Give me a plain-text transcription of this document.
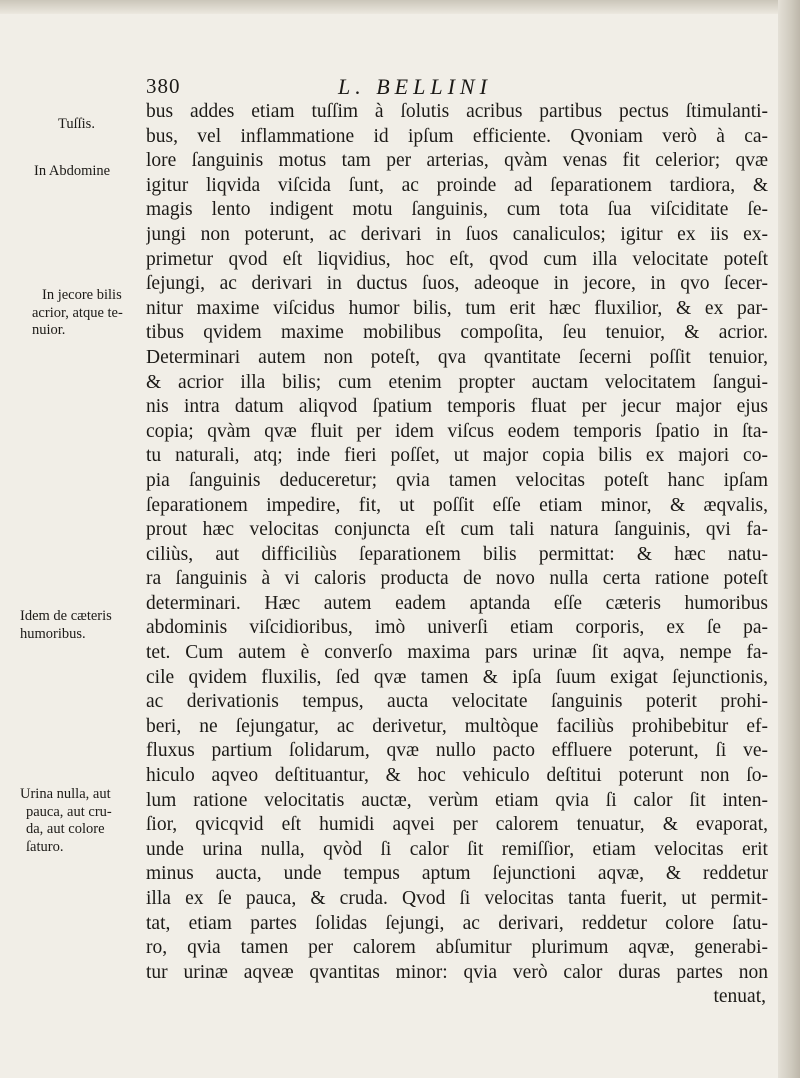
380	L. BELLINI
Tuſſis.
In Abdomine
In jecore bilis
acrior, atque te-
nuior.
Idem de cæteris
humoribus.
Urina nulla, aut
pauca, aut cru-
da, aut colore
ſaturo.
bus addes etiam tuſſim à ſolutis acribus partibus pectus ſtimulanti-
bus, vel inflammatione id ipſum efficiente. Qvoniam verò à ca-
lore ſanguinis motus tam per arterias, qvàm venas fit celerior; qvæ
igitur liqvida viſcida ſunt, ac proinde ad ſeparationem tardiora, &
magis lento indigent motu ſanguinis, cum tota ſua viſciditate ſe-
jungi non poterunt, ac derivari in ſuos canaliculos; igitur ex iis ex-
primetur qvod eſt liqvidius, hoc eſt, qvod cum illa velocitate poteſt
ſejungi, ac derivari in ductus ſuos, adeoque in jecore, in qvo ſecer-
nitur maxime viſcidus humor bilis, tum erit hæc fluxilior, & ex par-
tibus qvidem maxime mobilibus compoſita, ſeu tenuior, & acrior.
Determinari autem non poteſt, qva qvantitate ſecerni poſſit tenuior,
& acrior illa bilis; cum etenim propter auctam velocitatem ſangui-
nis intra datum aliqvod ſpatium temporis fluat per jecur major ejus
copia; qvàm qvæ fluit per idem viſcus eodem temporis ſpatio in ſta-
tu naturali, atq; inde fieri poſſet, ut major copia bilis ex majori co-
pia ſanguinis deduceretur; qvia tamen velocitas poteſt hanc ipſam
ſeparationem impedire, fit, ut poſſit eſſe etiam minor, & æqvalis,
prout hæc velocitas conjuncta eſt cum tali natura ſanguinis, qvi fa-
ciliùs, aut difficiliùs ſeparationem bilis permittat: & hæc natu-
ra ſanguinis à vi caloris producta de novo nulla certa ratione poteſt
determinari. Hæc autem eadem aptanda eſſe cæteris humoribus
abdominis viſcidioribus, imò univerſi etiam corporis, ex ſe pa-
tet. Cum autem è converſo maxima pars urinæ ſit aqva, nempe fa-
cile qvidem fluxilis, ſed qvæ tamen & ipſa ſuum exigat ſejunctionis,
ac derivationis tempus, aucta velocitate ſanguinis poterit prohi-
beri, ne ſejungatur, ac derivetur, multòque faciliùs prohibebitur ef-
fluxus partium ſolidarum, qvæ nullo pacto effluere poterunt, ſi ve-
hiculo aqveo deſtituantur, & hoc vehiculo deſtitui poterunt non ſo-
lum ratione velocitatis auctæ, verùm etiam qvia ſi calor ſit inten-
ſior, qvicqvid eſt humidi aqvei per calorem tenuatur, & evaporat,
unde urina nulla, qvòd ſi calor ſit remiſſior, etiam velocitas erit
minus aucta, unde tempus aptum ſejunctioni aqvæ, & reddetur
illa ex ſe pauca, & cruda. Qvod ſi velocitas tanta fuerit, ut permit-
tat, etiam partes ſolidas ſejungi, ac derivari, reddetur colore ſatu-
ro, qvia tamen per calorem abſumitur plurimum aqvæ, generabi-
tur urinæ aqveæ qvantitas minor: qvia verò calor duras partes non
tenuat,
